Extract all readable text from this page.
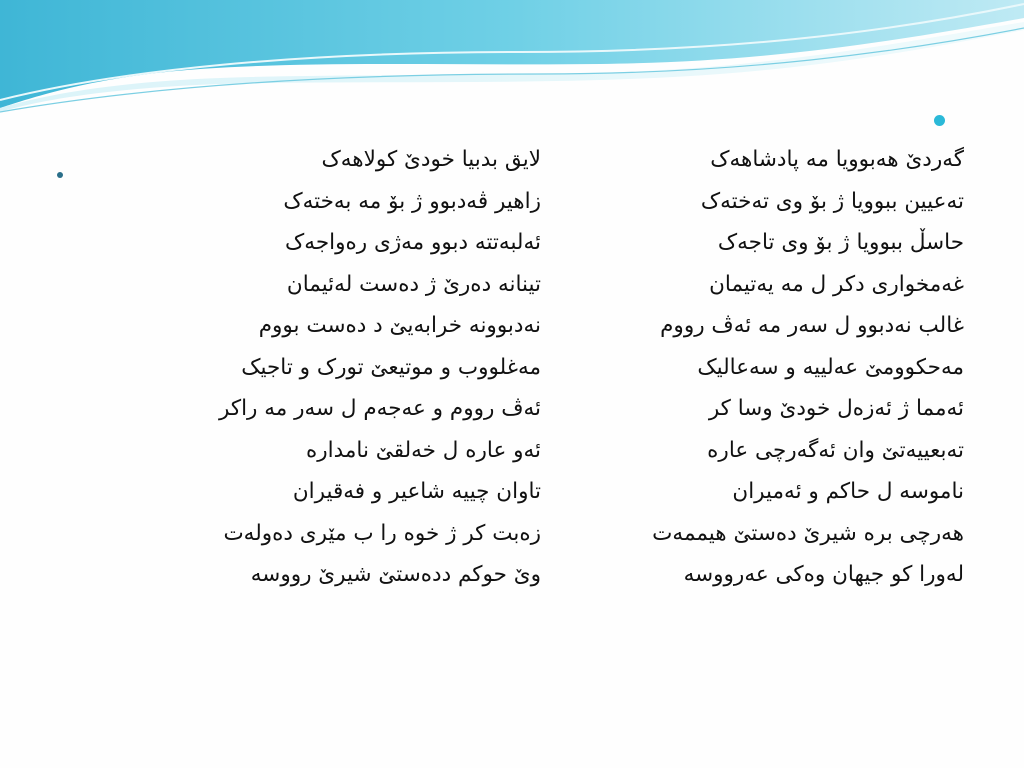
گەردێ هەبوویا مە پادشاهەک
تەعیین ببوویا ژ بۆ وی تەختەک
حاسڵ ببوویا ژ بۆ وی تاجەک
غەمخواری دکر ل مە یەتیمان
غالب نەدبوو ل سەر مە ئەڤ رووم
مەحکوومێ عەلییە و سەعالیک
ئەمما ژ ئەزەل خودێ وسا کر
تەبعییەتێ وان ئەگەرچی عارە
ناموسە ل حاکم و ئەمیران
هەرچی برە شیرێ دەستێ هیممەت
لەورا کو جیهان وەکی عەرووسە
لایق بدبیا خودێ کولاهەک
زاهیر ڤەدبوو ژ بۆ مە بەختەک
ئەلبەتتە دبوو مەژی رەواجەک
تینانە دەرێ ژ دەست لەئیمان
نەدبوونە خرابەیێ د دەست بووم
مەغلووب و موتیعێ تورک و تاجیک
ئەڤ رووم و عەجەم ل سەر مە راکر
ئەو عارە ل خەلقێ نامدارە
تاوان چییە شاعیر و فەقیران
زەبت کر ژ خوە را ب مێری دەولەت
وێ حوکم ددەستێ شیرێ رووسە
